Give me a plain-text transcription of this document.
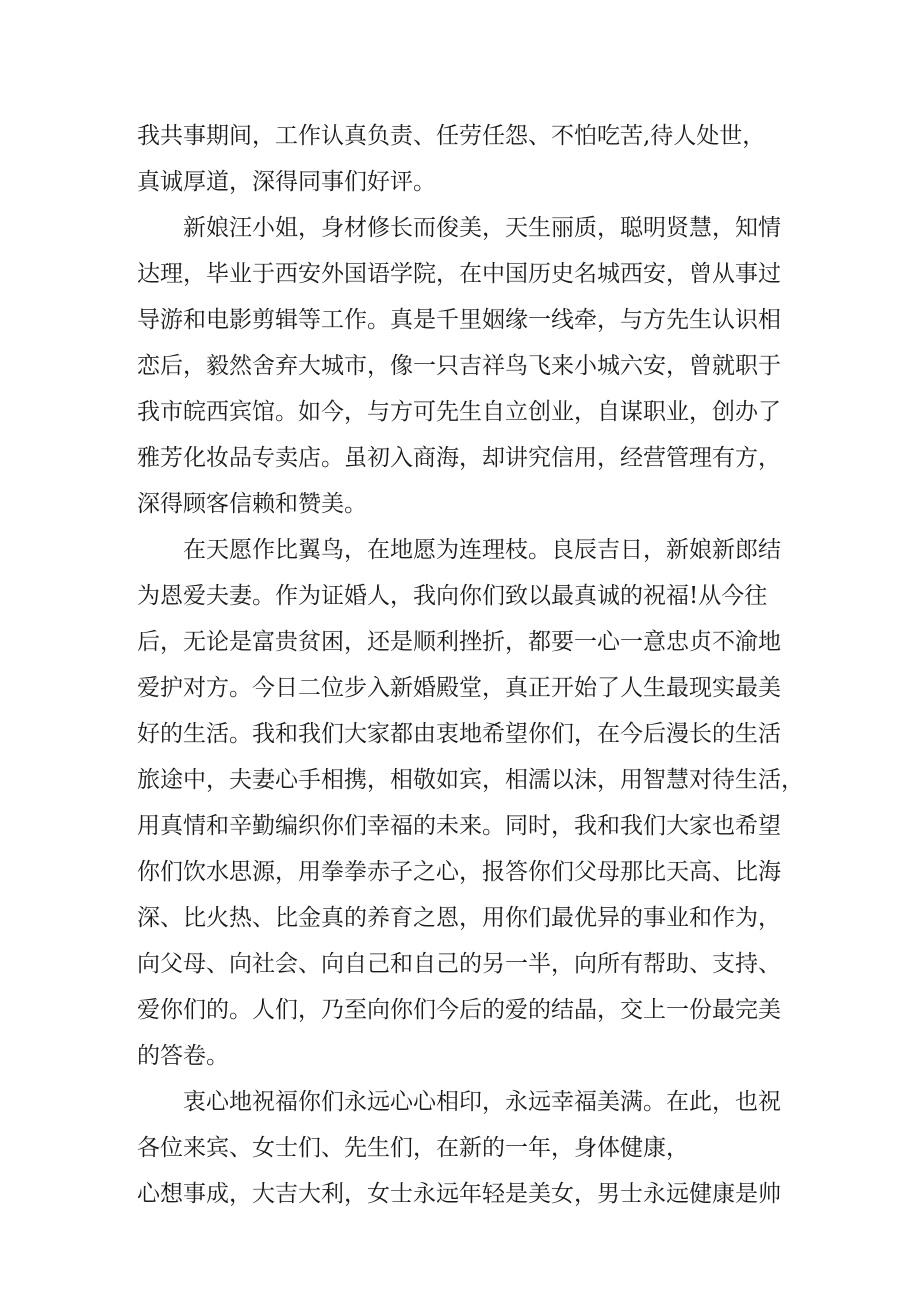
我共事期间，工作认真负责、任劳任怨、不怕吃苦,待人处世，
真诚厚道，深得同事们好评。
新娘汪小姐，身材修长而俊美，天生丽质，聪明贤慧，知情
达理，毕业于西安外国语学院，在中国历史名城西安，曾从事过
导游和电影剪辑等工作。真是千里姻缘一线牵，与方先生认识相
恋后，毅然舍弃大城市，像一只吉祥鸟飞来小城六安，曾就职于
我市皖西宾馆。如今，与方可先生自立创业，自谋职业，创办了
雅芳化妆品专卖店。虽初入商海，却讲究信用，经营管理有方，
深得顾客信赖和赞美。
在天愿作比翼鸟，在地愿为连理枝。良辰吉日，新娘新郎结
为恩爱夫妻。作为证婚人，我向你们致以最真诚的祝福!从今往
后，无论是富贵贫困，还是顺利挫折，都要一心一意忠贞不渝地
爱护对方。今日二位步入新婚殿堂，真正开始了人生最现实最美
好的生活。我和我们大家都由衷地希望你们，在今后漫长的生活
旅途中，夫妻心手相携，相敬如宾，相濡以沫，用智慧对待生活，
用真情和辛勤编织你们幸福的未来。同时，我和我们大家也希望
你们饮水思源，用拳拳赤子之心，报答你们父母那比天高、比海
深、比火热、比金真的养育之恩，用你们最优异的事业和作为，
向父母、向社会、向自己和自己的另一半，向所有帮助、支持、
爱你们的。人们，乃至向你们今后的爱的结晶，交上一份最完美
的答卷。
衷心地祝福你们永远心心相印，永远幸福美满。在此，也祝
各位来宾、女士们、先生们，在新的一年，身体健康，
心想事成，大吉大利，女士永远年轻是美女，男士永远健康是帅
